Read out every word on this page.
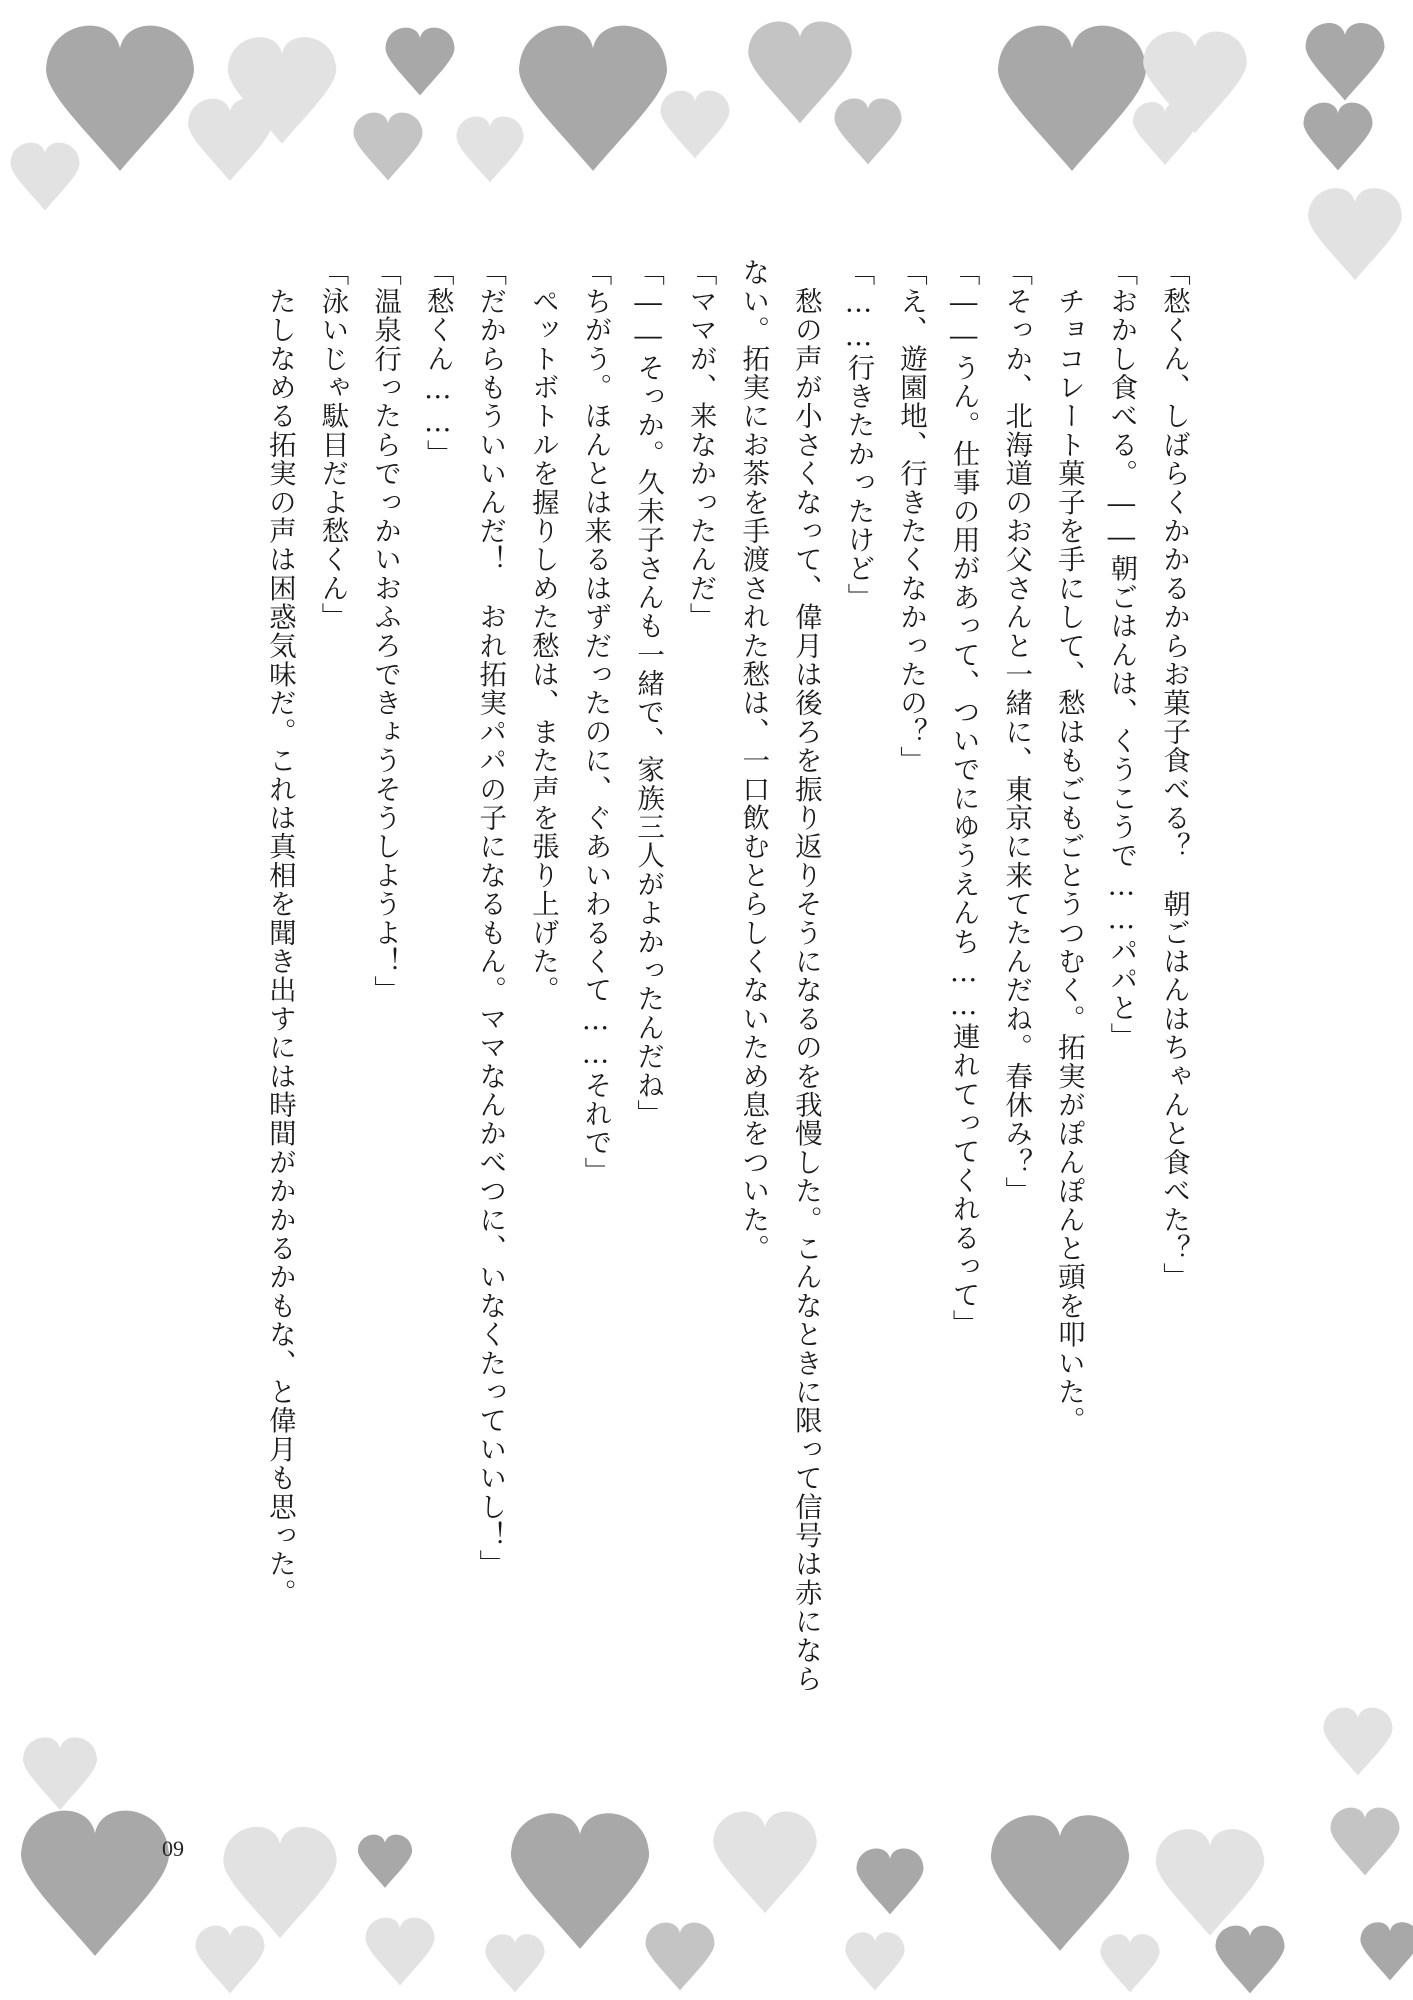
「愁くん、しばらくかかるからお菓子食べる？　朝ごはんはちゃんと食べた？」

「おかし食べる。――朝ごはんは、くうこうで……パパと」

　チョコレート菓子を手にして、愁はもごもごとうつむく。拓実がぽんぽんと頭を叩いた。

「そっか、北海道のお父さんと一緒に、東京に来てたんだね。春休み？」

「――うん。仕事の用があって、ついでにゆうえんち……連れてってくれるって」

「え、遊園地、行きたくなかったの？」

「……行きたかったけど」

　愁の声が小さくなって、偉月は後ろを振り返りそうになるのを我慢した。こんなときに限って信号は赤になら

ない。拓実にお茶を手渡された愁は、一口飲むとらしくないため息をついた。

「ママが、来なかったんだ」

「――そっか。久未子さんも一緒で、家族三人がよかったんだね」

「ちがう。ほんとは来るはずだったのに、ぐあいわるくて……それで」

　ペットボトルを握りしめた愁は、また声を張り上げた。

「だからもういいんだ！　おれ拓実パパの子になるもん。ママなんかべつに、いなくたっていいし！」

「愁くん……」

「温泉行ったらでっかいおふろできょうそうしようよ！」

「泳いじゃ駄目だよ愁くん」

　たしなめる拓実の声は困惑気味だ。これは真相を聞き出すには時間がかかるかもな、と偉月も思った。

09
